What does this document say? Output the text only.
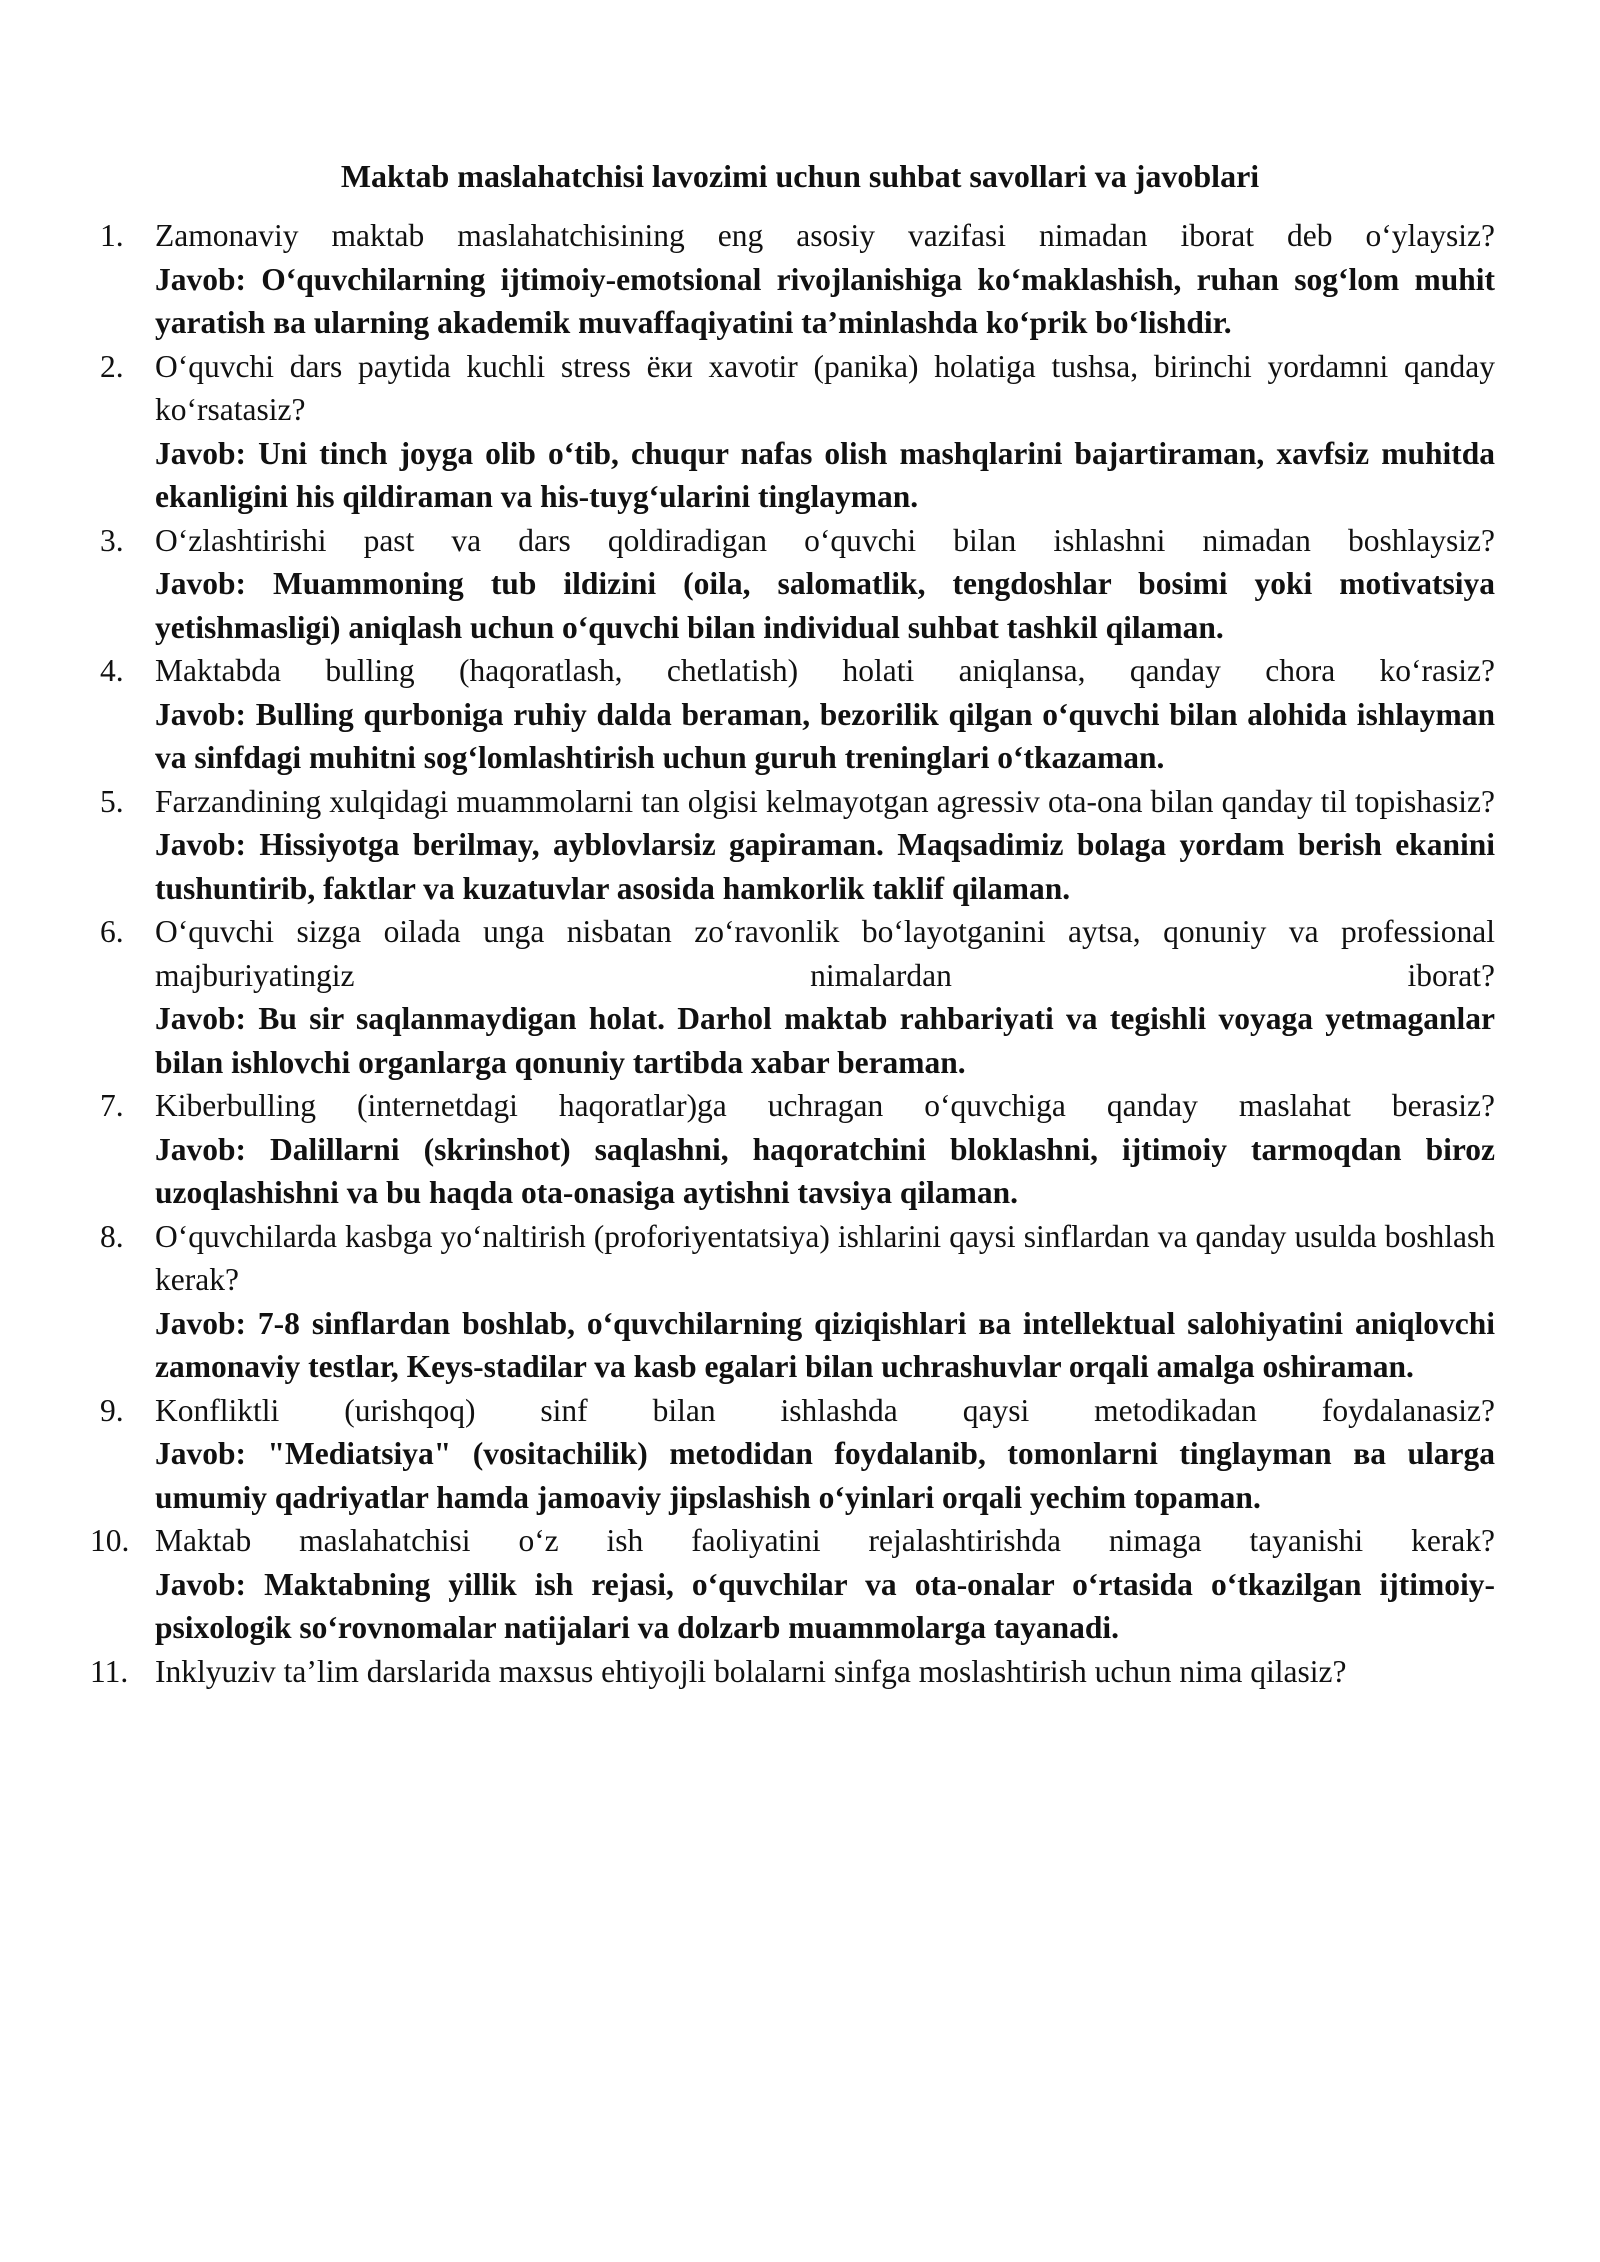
Maktab maslahatchisi lavozimi uchun suhbat savollari va javoblari
1. Zamonaviy maktab maslahatchisining eng asosiy vazifasi nimadan iborat deb o‘ylaysiz?
Javob: O‘quvchilarning ijtimoiy-emotsional rivojlanishiga ko‘maklashish, ruhan sog‘lom muhit yaratish ва ularning akademik muvaffaqiyatini ta’minlashda ko‘prik bo‘lishdir.
2. O‘quvchi dars paytida kuchli stress ёки xavotir (panika) holatiga tushsa, birinchi yordamni qanday ko‘rsatasiz?
Javob: Uni tinch joyga olib o‘tib, chuqur nafas olish mashqlarini bajartiraman, xavfsiz muhitda ekanligini his qildiraman va his-tuyg‘ularini tinglayman.
3. O‘zlashtirishi past va dars qoldiradigan o‘quvchi bilan ishlashni nimadan boshlaysiz?
Javob: Muammoning tub ildizini (oila, salomatlik, tengdoshlar bosimi yoki motivatsiya yetishmasligi) aniqlash uchun o‘quvchi bilan individual suhbat tashkil qilaman.
4. Maktabda bulling (haqoratlash, chetlatish) holati aniqlansa, qanday chora ko‘rasiz?
Javob: Bulling qurboniga ruhiy dalda beraman, bezorilik qilgan o‘quvchi bilan alohida ishlayman va sinfdagi muhitni sog‘lomlashtirish uchun guruh treninglari o‘tkazaman.
5. Farzandining xulqidagi muammolarni tan olgisi kelmayotgan agressiv ota-ona bilan qanday til topishasiz?
Javob: Hissiyotga berilmay, ayblovlarsiz gapiraman. Maqsadimiz bolaga yordam berish ekanini tushuntirib, faktlar va kuzatuvlar asosida hamkorlik taklif qilaman.
6. O‘quvchi sizga oilada unga nisbatan zo‘ravonlik bo‘layotganini aytsa, qonuniy va professional majburiyatingiz nimalardan iborat?
Javob: Bu sir saqlanmaydigan holat. Darhol maktab rahbariyati va tegishli voyaga yetmaganlar bilan ishlovchi organlarga qonuniy tartibda xabar beraman.
7. Kiberbulling (internetdagi haqoratlar)ga uchragan o‘quvchiga qanday maslahat berasiz?
Javob: Dalillarni (skrinshot) saqlashni, haqoratchini bloklashni, ijtimoiy tarmoqdan biroz uzoqlashishni va bu haqda ota-onasiga aytishni tavsiya qilaman.
8. O‘quvchilarda kasbga yo‘naltirish (proforiyentatsiya) ishlarini qaysi sinflardan va qanday usulda boshlash kerak?
Javob: 7-8 sinflardan boshlab, o‘quvchilarning qiziqishlari ва intellektual salohiyatini aniqlovchi zamonaviy testlar, Keys-stadilar va kasb egalari bilan uchrashuvlar orqali amalga oshiraman.
9. Konfliktli (urishqoq) sinf bilan ishlashda qaysi metodikadan foydalanasiz?
Javob: "Mediatsiya" (vositachilik) metodidan foydalanib, tomonlarni tinglayman ва ularga umumiy qadriyatlar hamda jamoaviy jipslashish o‘yinlari orqali yechim topaman.
10. Maktab maslahatchisi o‘z ish faoliyatini rejalashtirishda nimaga tayanishi kerak?
Javob: Maktabning yillik ish rejasi, o‘quvchilar va ota-onalar o‘rtasida o‘tkazilgan ijtimoiy-psixologik so‘rovnomalar natijalari va dolzarb muammolarga tayanadi.
11. Inklyuziv ta’lim darslarida maxsus ehtiyojli bolalarni sinfga moslashtirish uchun nima qilasiz?
